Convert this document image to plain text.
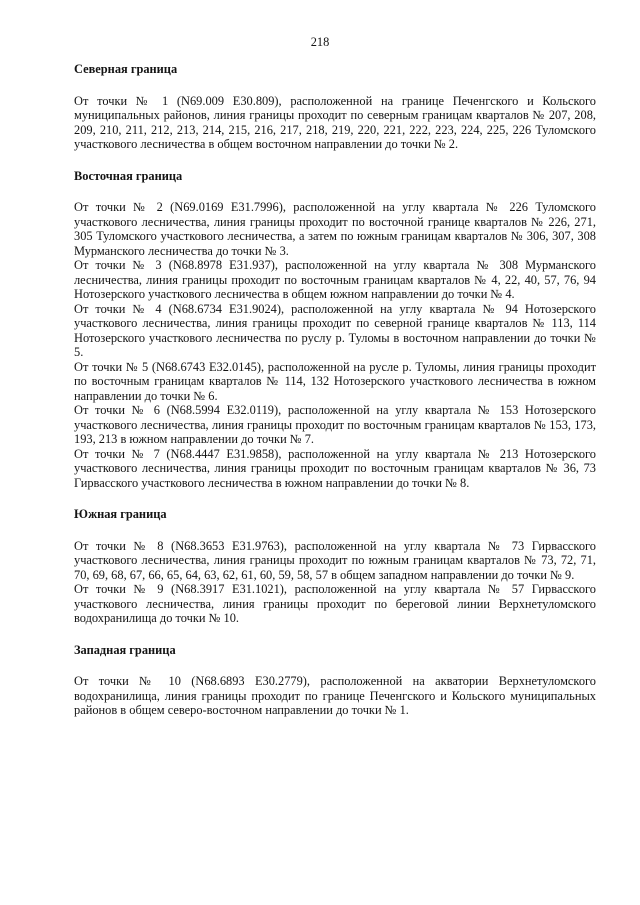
218

Северная граница

От точки № 1 (N69.009 E30.809), расположенной на границе Печенгского и Кольского муниципальных районов, линия границы проходит по северным границам кварталов № 207, 208, 209, 210, 211, 212, 213, 214, 215, 216, 217, 218, 219, 220, 221, 222, 223, 224, 225, 226 Туломского участкового лесничества в общем восточном направлении до точки № 2.

Восточная граница

От точки № 2 (N69.0169 E31.7996), расположенной на углу квартала № 226 Туломского участкового лесничества, линия границы проходит по восточной границе кварталов № 226, 271, 305 Туломского участкового лесничества, а затем по южным границам кварталов № 306, 307, 308 Мурманского лесничества до точки № 3.

От точки № 3 (N68.8978 E31.937), расположенной на углу квартала № 308 Мурманского лесничества, линия границы проходит по восточным границам кварталов № 4, 22, 40, 57, 76, 94 Нотозерского участкового лесничества в общем южном направлении до точки № 4.

От точки № 4 (N68.6734 E31.9024), расположенной на углу квартала № 94 Нотозерского участкового лесничества, линия границы проходит по северной границе кварталов № 113, 114 Нотозерского участкового лесничества по руслу р. Туломы в восточном направлении до точки № 5.

От точки № 5 (N68.6743 E32.0145), расположенной на русле р. Туломы, линия границы проходит по восточным границам кварталов № 114, 132 Нотозерского участкового лесничества в южном направлении до точки № 6.

От точки № 6 (N68.5994 E32.0119), расположенной на углу квартала № 153 Нотозерского участкового лесничества, линия границы проходит по восточным границам кварталов № 153, 173, 193, 213 в южном направлении до точки № 7.

От точки № 7 (N68.4447 E31.9858), расположенной на углу квартала № 213 Нотозерского участкового лесничества, линия границы проходит по восточным границам кварталов № 36, 73 Гирвасского участкового лесничества в южном направлении до точки № 8.

Южная граница

От точки № 8 (N68.3653 E31.9763), расположенной на углу квартала № 73 Гирвасского участкового лесничества, линия границы проходит по южным границам кварталов № 73, 72, 71, 70, 69, 68, 67, 66, 65, 64, 63, 62, 61, 60, 59, 58, 57 в общем западном направлении до точки № 9.

От точки № 9 (N68.3917 E31.1021), расположенной на углу квартала № 57 Гирвасского участкового лесничества, линия границы проходит по береговой линии Верхнетуломского водохранилища до точки № 10.

Западная граница

От точки № 10 (N68.6893 E30.2779), расположенной на акватории Верхнетуломского водохранилища, линия границы проходит по границе Печенгского и Кольского муниципальных районов в общем северо-восточном направлении до точки № 1.
